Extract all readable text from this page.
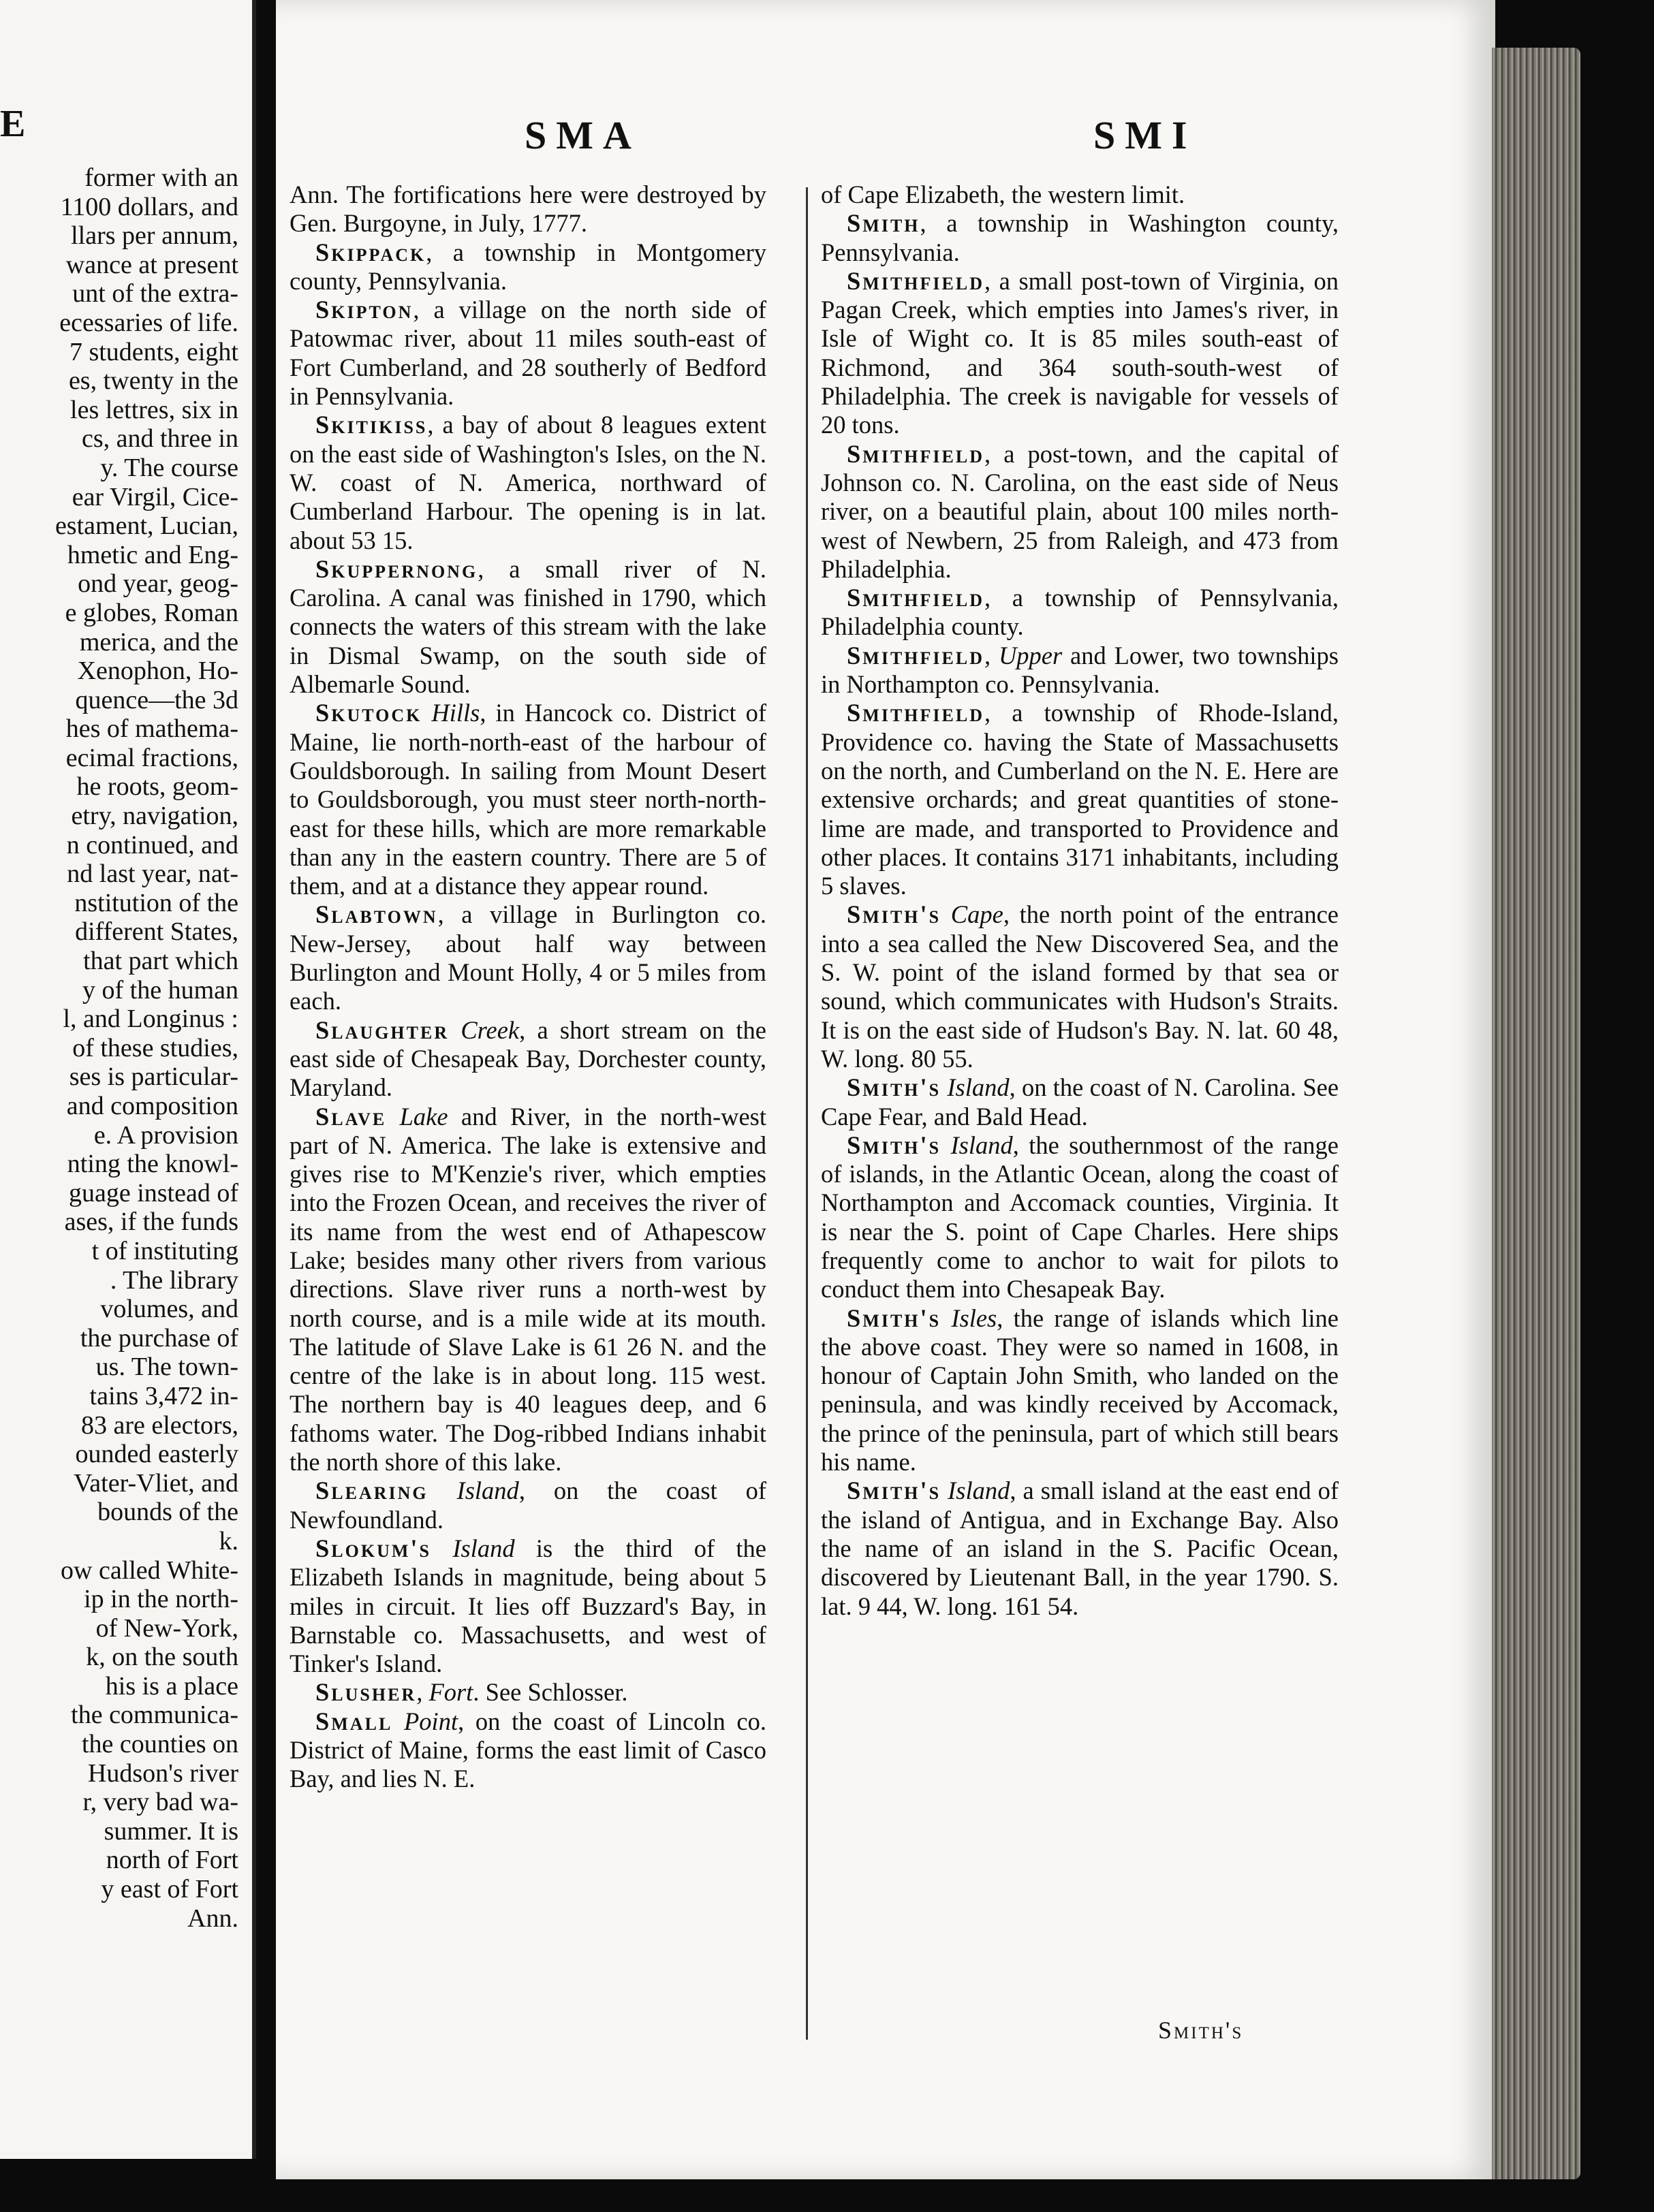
E
former with an
1100 dollars, and
llars per annum,
wance at present
unt of the extra-
ecessaries of life.
7 students, eight
es, twenty in the
les lettres, six in
cs, and three in
y. The course
ear Virgil, Cice-
estament, Lucian,
hmetic and Eng-
ond year, geog-
e globes, Roman
merica, and the
Xenophon, Ho-
quence—the 3d
hes of mathema-
ecimal fractions,
he roots, geom-
etry, navigation,
n continued, and
nd last year, nat-
nstitution of the
different States,
that part which
y of the human
l, and Longinus :
of these studies,
ses is particular-
and composition
e. A provision
nting the knowl-
guage instead of
ases, if the funds
t of instituting
. The library
volumes, and
the purchase of
us. The town-
tains 3,472 in-
83 are electors,
ounded easterly
Vater-Vliet, and
bounds of the
k.
ow called White-
ip in the north-
of New-York,
k, on the south
his is a place
the communica-
the counties on
Hudson's river
r, very bad wa-
summer. It is
north of Fort
y east of Fort
Ann.
SMA	SMI

Ann. The fortifications here were destroyed by Gen. Burgoyne, in July, 1777.

Skippack, a township in Montgomery county, Pennsylvania.

Skipton, a village on the north side of Patowmac river, about 11 miles south-east of Fort Cumberland, and 28 southerly of Bedford in Pennsylvania.

Skitikiss, a bay of about 8 leagues extent on the east side of Washington's Isles, on the N. W. coast of N. America, northward of Cumberland Harbour. The opening is in lat. about 53 15.

Skuppernong, a small river of N. Carolina. A canal was finished in 1790, which connects the waters of this stream with the lake in Dismal Swamp, on the south side of Albemarle Sound.

Skutock Hills, in Hancock co. District of Maine, lie north-north-east of the harbour of Gouldsborough. In sailing from Mount Desert to Gouldsborough, you must steer north-north-east for these hills, which are more remarkable than any in the eastern country. There are 5 of them, and at a distance they appear round.

Slabtown, a village in Burlington co. New-Jersey, about half way between Burlington and Mount Holly, 4 or 5 miles from each.

Slaughter Creek, a short stream on the east side of Chesapeak Bay, Dorchester county, Maryland.

Slave Lake and River, in the north-west part of N. America. The lake is extensive and gives rise to M'Kenzie's river, which empties into the Frozen Ocean, and receives the river of its name from the west end of Athapescow Lake; besides many other rivers from various directions. Slave river runs a north-west by north course, and is a mile wide at its mouth. The latitude of Slave Lake is 61 26 N. and the centre of the lake is in about long. 115 west. The northern bay is 40 leagues deep, and 6 fathoms water. The Dog-ribbed Indians inhabit the north shore of this lake.

Slearing Island, on the coast of Newfoundland.

Slokum's Island is the third of the Elizabeth Islands in magnitude, being about 5 miles in circuit. It lies off Buzzard's Bay, in Barnstable co. Massachusetts, and west of Tinker's Island.

Slusher, Fort. See Schlosser.

Small Point, on the coast of Lincoln co. District of Maine, forms the east limit of Casco Bay, and lies N. E.

of Cape Elizabeth, the western limit.

Smith, a township in Washington county, Pennsylvania.

Smithfield, a small post-town of Virginia, on Pagan Creek, which empties into James's river, in Isle of Wight co. It is 85 miles south-east of Richmond, and 364 south-south-west of Philadelphia. The creek is navigable for vessels of 20 tons.

Smithfield, a post-town, and the capital of Johnson co. N. Carolina, on the east side of Neus river, on a beautiful plain, about 100 miles north-west of Newbern, 25 from Raleigh, and 473 from Philadelphia.

Smithfield, a township of Pennsylvania, Philadelphia county.

Smithfield, Upper and Lower, two townships in Northampton co. Pennsylvania.

Smithfield, a township of Rhode-Island, Providence co. having the State of Massachusetts on the north, and Cumberland on the N. E. Here are extensive orchards; and great quantities of stone-lime are made, and transported to Providence and other places. It contains 3171 inhabitants, including 5 slaves.

Smith's Cape, the north point of the entrance into a sea called the New Discovered Sea, and the S. W. point of the island formed by that sea or sound, which communicates with Hudson's Straits. It is on the east side of Hudson's Bay. N. lat. 60 48, W. long. 80 55.

Smith's Island, on the coast of N. Carolina. See Cape Fear, and Bald Head.

Smith's Island, the southernmost of the range of islands, in the Atlantic Ocean, along the coast of Northampton and Accomack counties, Virginia. It is near the S. point of Cape Charles. Here ships frequently come to anchor to wait for pilots to conduct them into Chesapeak Bay.

Smith's Isles, the range of islands which line the above coast. They were so named in 1608, in honour of Captain John Smith, who landed on the peninsula, and was kindly received by Accomack, the prince of the peninsula, part of which still bears his name.

Smith's Island, a small island at the east end of the island of Antigua, and in Exchange Bay. Also the name of an island in the S. Pacific Ocean, discovered by Lieutenant Ball, in the year 1790. S. lat. 9 44, W. long. 161 54.

Smith's
